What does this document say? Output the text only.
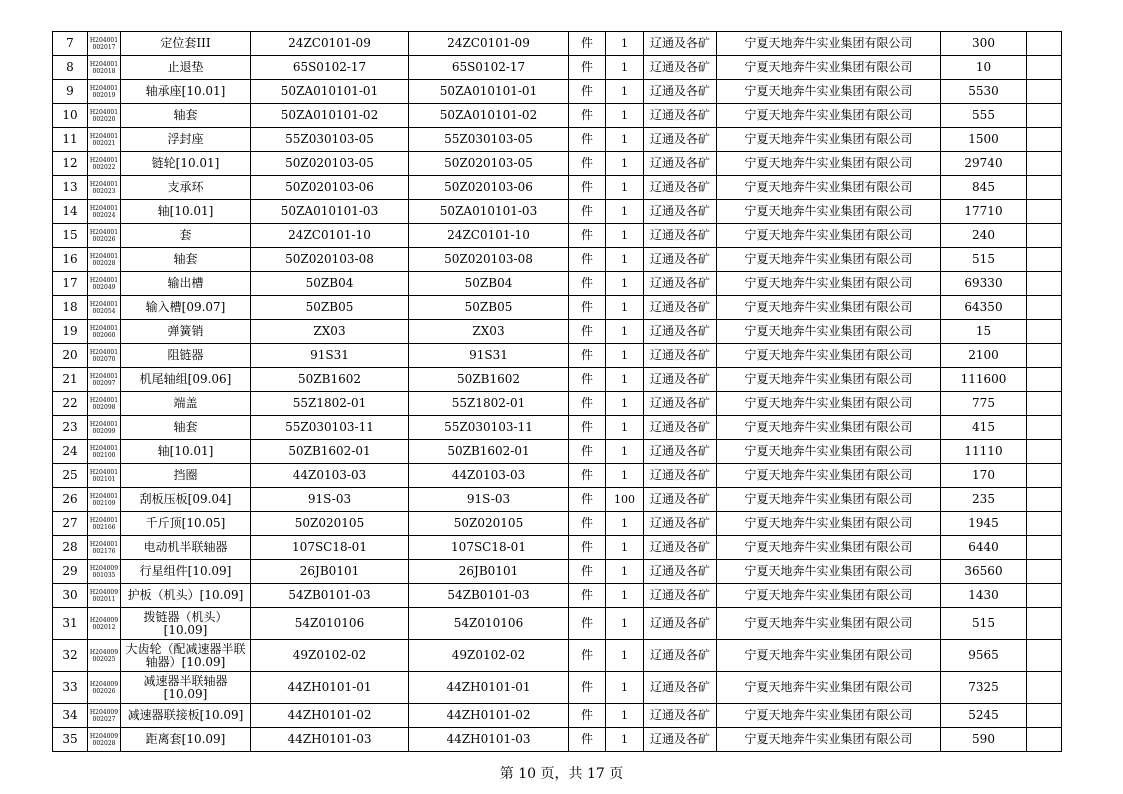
7	H204001002017	定位套III	24ZC0101-09	24ZC0101-09	件	1	辽通及各矿	宁夏天地奔牛实业集团有限公司	300	
8	H204001002018	止退垫	65S0102-17	65S0102-17	件	1	辽通及各矿	宁夏天地奔牛实业集团有限公司	10	
9	H204001002019	轴承座[10.01]	50ZA010101-01	50ZA010101-01	件	1	辽通及各矿	宁夏天地奔牛实业集团有限公司	5530	
10	H204001002020	轴套	50ZA010101-02	50ZA010101-02	件	1	辽通及各矿	宁夏天地奔牛实业集团有限公司	555	
11	H204001002021	浮封座	55Z030103-05	55Z030103-05	件	1	辽通及各矿	宁夏天地奔牛实业集团有限公司	1500	
12	H204001002022	链轮[10.01]	50Z020103-05	50Z020103-05	件	1	辽通及各矿	宁夏天地奔牛实业集团有限公司	29740	
13	H204001002023	支承环	50Z020103-06	50Z020103-06	件	1	辽通及各矿	宁夏天地奔牛实业集团有限公司	845	
14	H204001002024	轴[10.01]	50ZA010101-03	50ZA010101-03	件	1	辽通及各矿	宁夏天地奔牛实业集团有限公司	17710	
15	H204001002026	套	24ZC0101-10	24ZC0101-10	件	1	辽通及各矿	宁夏天地奔牛实业集团有限公司	240	
16	H204001002028	轴套	50Z020103-08	50Z020103-08	件	1	辽通及各矿	宁夏天地奔牛实业集团有限公司	515	
17	H204001002049	输出槽	50ZB04	50ZB04	件	1	辽通及各矿	宁夏天地奔牛实业集团有限公司	69330	
18	H204001002054	输入槽[09.07]	50ZB05	50ZB05	件	1	辽通及各矿	宁夏天地奔牛实业集团有限公司	64350	
19	H204001002060	弹簧销	ZX03	ZX03	件	1	辽通及各矿	宁夏天地奔牛实业集团有限公司	15	
20	H204001002070	阻链器	91S31	91S31	件	1	辽通及各矿	宁夏天地奔牛实业集团有限公司	2100	
21	H204001002097	机尾轴组[09.06]	50ZB1602	50ZB1602	件	1	辽通及各矿	宁夏天地奔牛实业集团有限公司	111600	
22	H204001002098	端盖	55Z1802-01	55Z1802-01	件	1	辽通及各矿	宁夏天地奔牛实业集团有限公司	775	
23	H204001002099	轴套	55Z030103-11	55Z030103-11	件	1	辽通及各矿	宁夏天地奔牛实业集团有限公司	415	
24	H204001002100	轴[10.01]	50ZB1602-01	50ZB1602-01	件	1	辽通及各矿	宁夏天地奔牛实业集团有限公司	11110	
25	H204001002101	挡圈	44Z0103-03	44Z0103-03	件	1	辽通及各矿	宁夏天地奔牛实业集团有限公司	170	
26	H204001002109	刮板压板[09.04]	91S-03	91S-03	件	100	辽通及各矿	宁夏天地奔牛实业集团有限公司	235	
27	H204001002166	千斤顶[10.05]	50Z020105	50Z020105	件	1	辽通及各矿	宁夏天地奔牛实业集团有限公司	1945	
28	H204001002176	电动机半联轴器	107SC18-01	107SC18-01	件	1	辽通及各矿	宁夏天地奔牛实业集团有限公司	6440	
29	H204009001035	行星组件[10.09]	26JB0101	26JB0101	件	1	辽通及各矿	宁夏天地奔牛实业集团有限公司	36560	
30	H204009002011	护板（机头）[10.09]	54ZB0101-03	54ZB0101-03	件	1	辽通及各矿	宁夏天地奔牛实业集团有限公司	1430	
31	H204009002012	拨链器（机头）[10.09]	54Z010106	54Z010106	件	1	辽通及各矿	宁夏天地奔牛实业集团有限公司	515	
32	H204009002025	大齿轮（配减速器半联轴器）[10.09]	49Z0102-02	49Z0102-02	件	1	辽通及各矿	宁夏天地奔牛实业集团有限公司	9565	
33	H204009002026	减速器半联轴器[10.09]	44ZH0101-01	44ZH0101-01	件	1	辽通及各矿	宁夏天地奔牛实业集团有限公司	7325	
34	H204009002027	减速器联接板[10.09]	44ZH0101-02	44ZH0101-02	件	1	辽通及各矿	宁夏天地奔牛实业集团有限公司	5245	
35	H204009002028	距离套[10.09]	44ZH0101-03	44ZH0101-03	件	1	辽通及各矿	宁夏天地奔牛实业集团有限公司	590	
第 10 页，共 17 页
